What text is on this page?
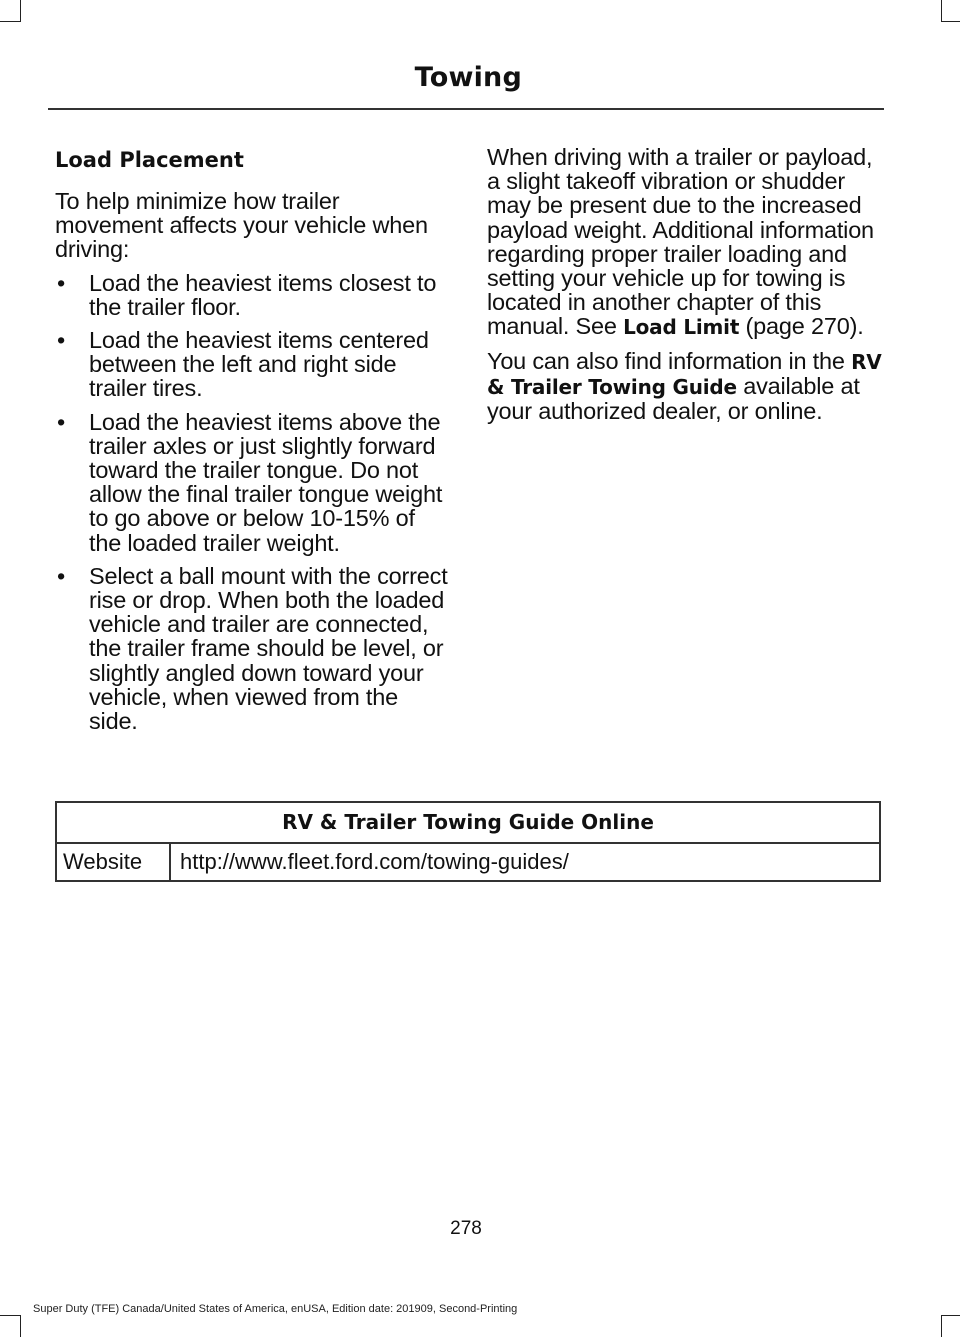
Towing
Load Placement

To help minimize how trailer movement affects your vehicle when driving:

• Load the heaviest items closest to the trailer floor.
• Load the heaviest items centered between the left and right side trailer tires.
• Load the heaviest items above the trailer axles or just slightly forward toward the trailer tongue. Do not allow the final trailer tongue weight to go above or below 10-15% of the loaded trailer weight.
• Select a ball mount with the correct rise or drop. When both the loaded vehicle and trailer are connected, the trailer frame should be level, or slightly angled down toward your vehicle, when viewed from the side.

When driving with a trailer or payload, a slight takeoff vibration or shudder may be present due to the increased payload weight. Additional information regarding proper trailer loading and setting your vehicle up for towing is located in another chapter of this manual. See Load Limit (page 270).

You can also find information in the RV & Trailer Towing Guide available at your authorized dealer, or online.

RV & Trailer Towing Guide Online
Website	http://www.fleet.ford.com/towing-guides/
278
Super Duty (TFE) Canada/United States of America, enUSA, Edition date: 201909, Second-Printing
